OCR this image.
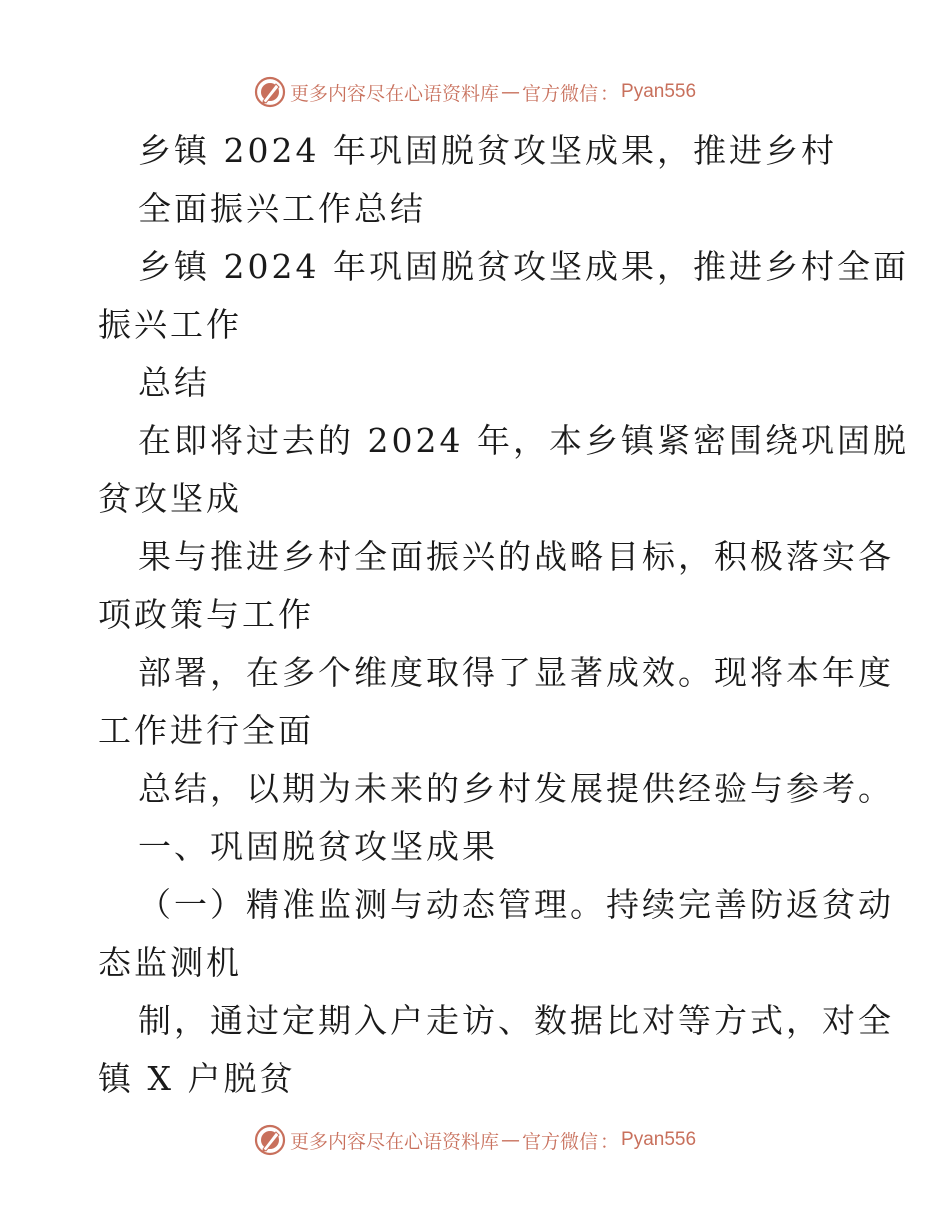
更多内容尽在心语资料库 — 官方微信 ： Pyan556
乡镇 2024 年巩固脱贫攻坚成果，推进乡村
全面振兴工作总结
乡镇 2024 年巩固脱贫攻坚成果，推进乡村全面
振兴工作
总结
在即将过去的 2024 年，本乡镇紧密围绕巩固脱
贫攻坚成
果与推进乡村全面振兴的战略目标，积极落实各
项政策与工作
部署，在多个维度取得了显著成效。现将本年度
工作进行全面
总结，以期为未来的乡村发展提供经验与参考。
一、巩固脱贫攻坚成果
（一）精准监测与动态管理。持续完善防返贫动
态监测机
制，通过定期入户走访、数据比对等方式，对全
镇 X 户脱贫
更多内容尽在心语资料库 — 官方微信 ： Pyan556
